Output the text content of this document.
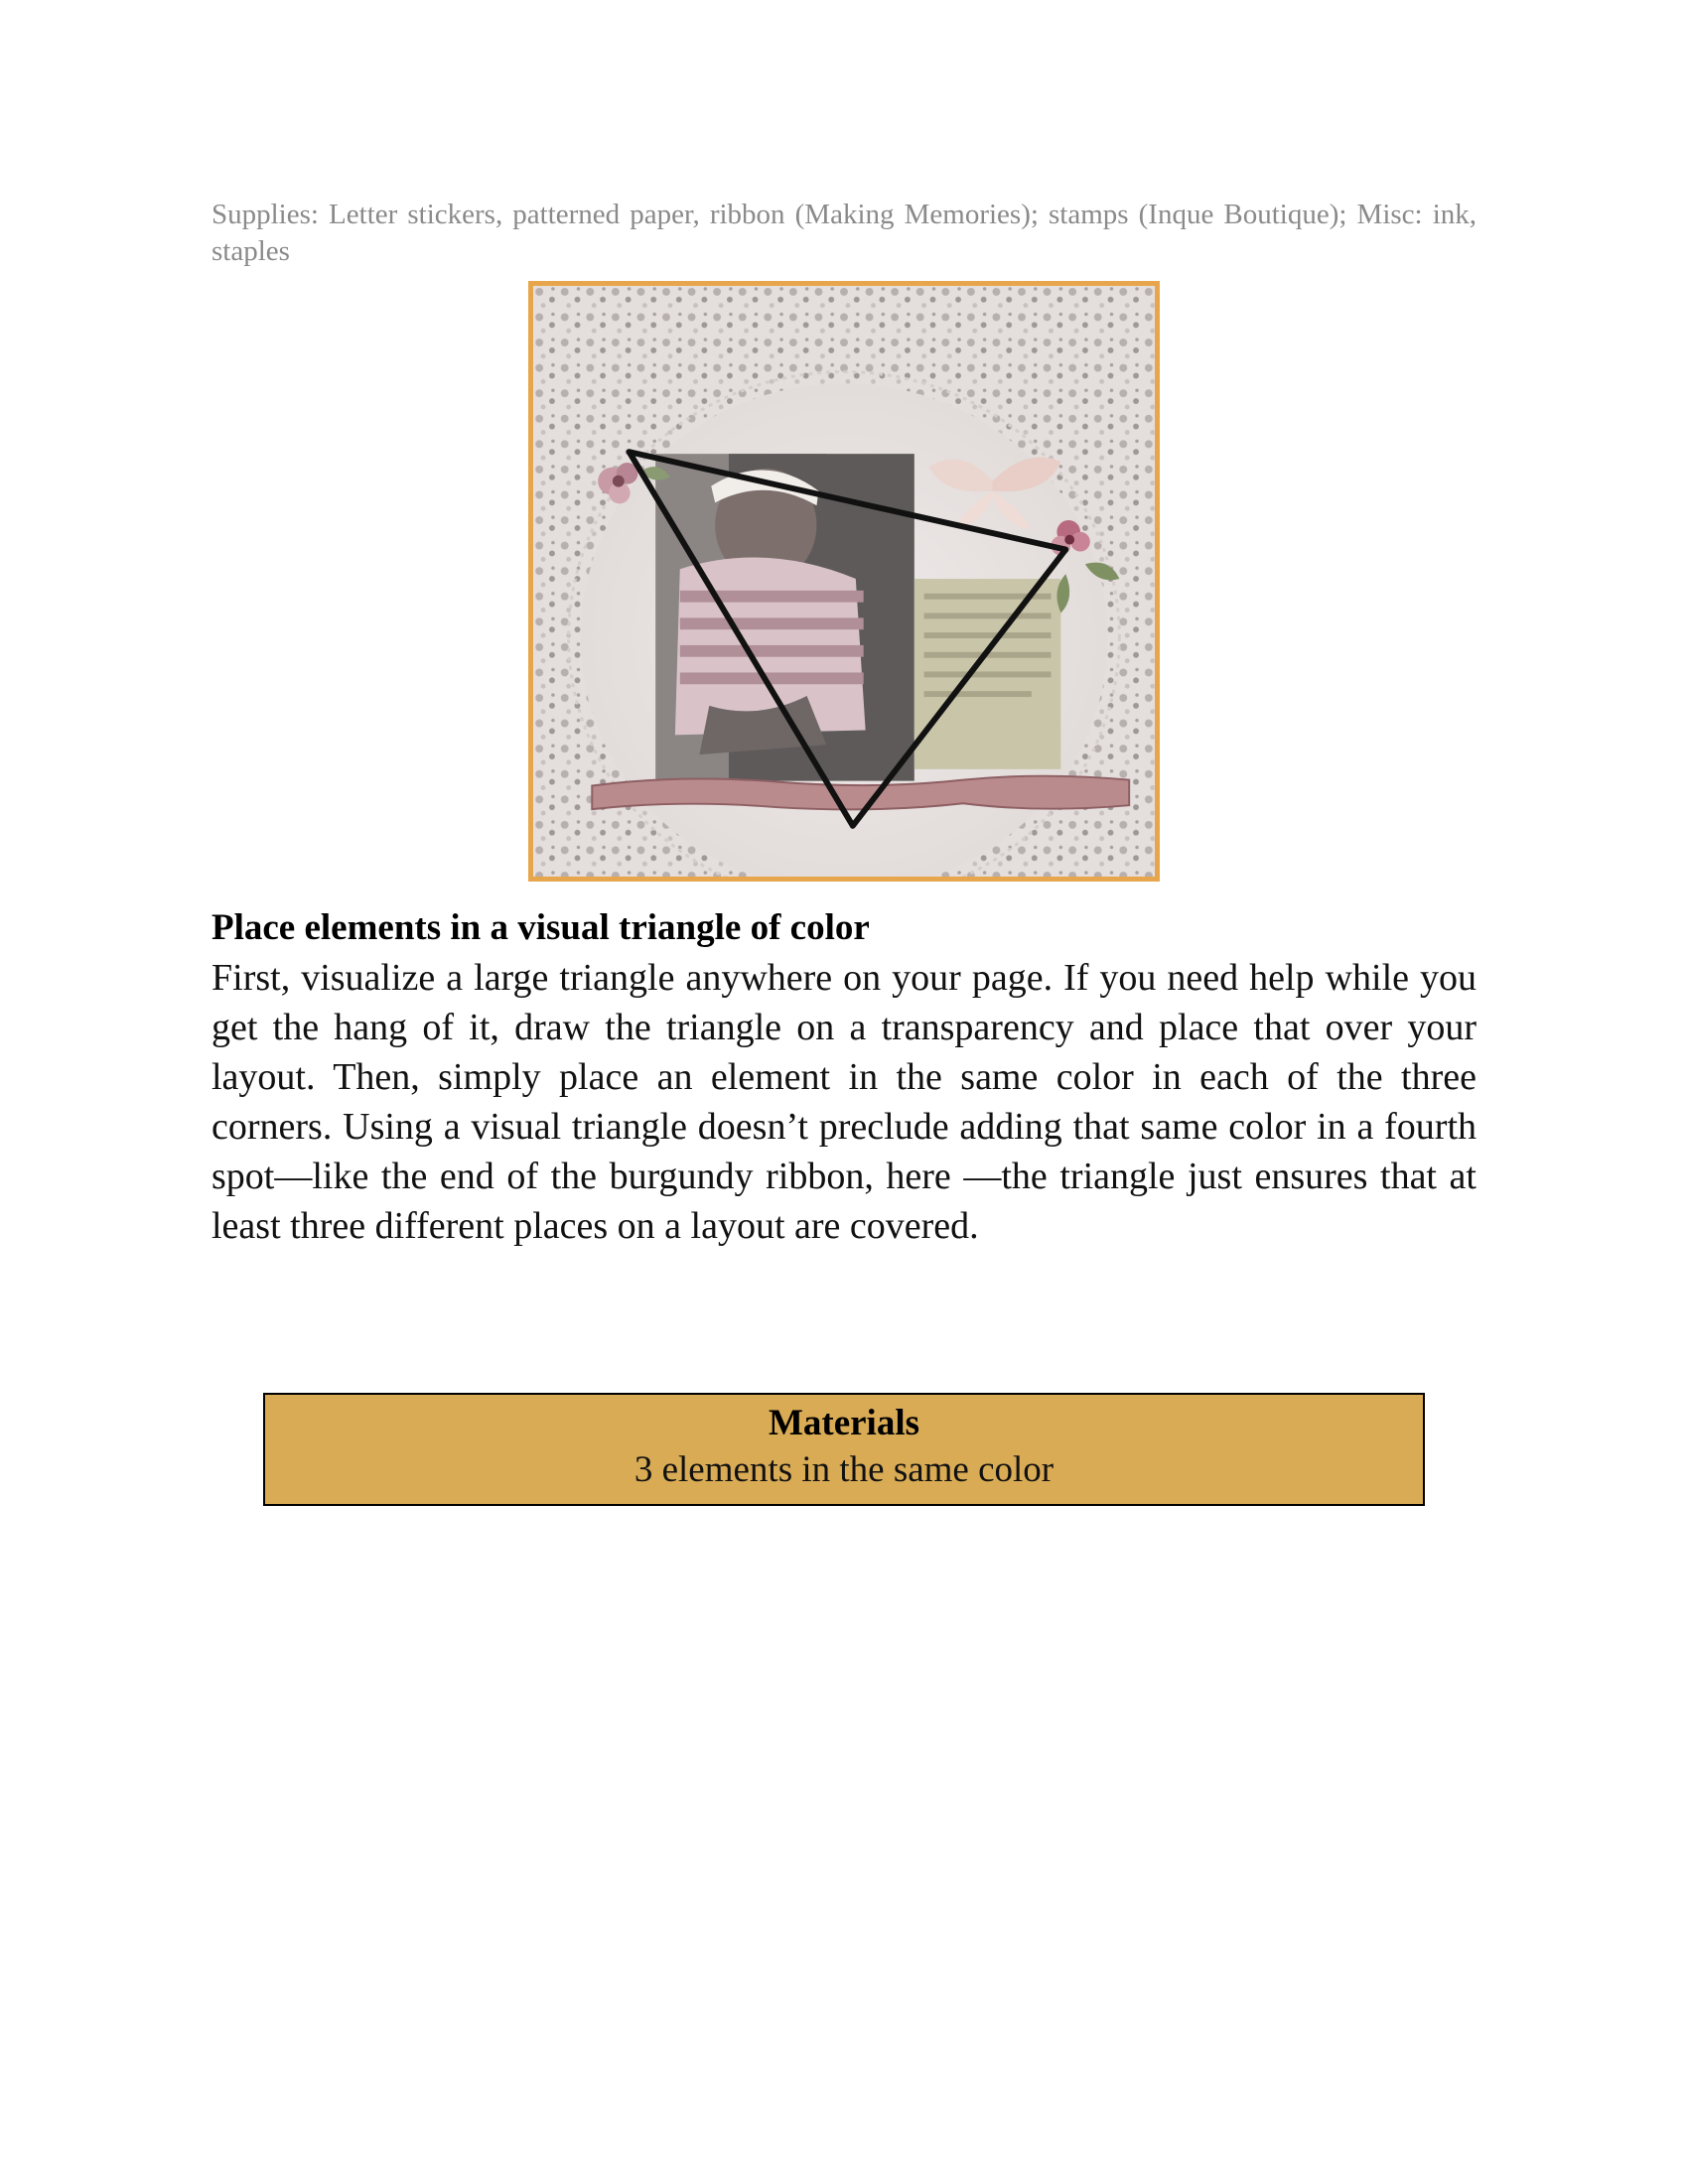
Supplies: Letter stickers, patterned paper, ribbon (Making Memories); stamps (Inque Boutique); Misc: ink, staples

Place elements in a visual triangle of color

First, visualize a large triangle anywhere on your page. If you need help while you get the hang of it, draw the triangle on a transparency and place that over your layout. Then, simply place an element in the same color in each of the three corners. Using a visual triangle doesn’t preclude adding that same color in a fourth spot—like the end of the burgundy ribbon, here —the triangle just ensures that at least three different places on a layout are covered.

Materials
3 elements in the same color
